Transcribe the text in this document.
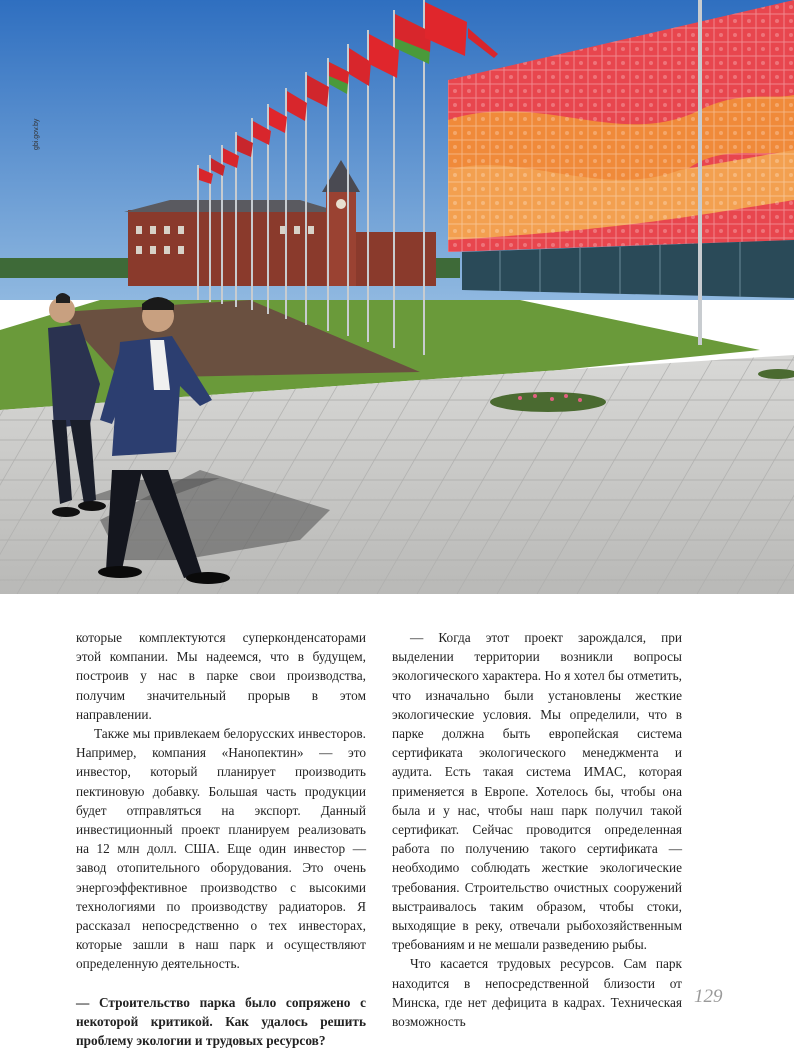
gbi.gov.by

которые комплектуются суперконденсаторами этой компании. Мы надеемся, что в будущем, построив у нас в парке свои производства, получим значительный прорыв в этом направлении.

Также мы привлекаем белорусских инвесторов. Например, компания «Нанопектин» — это инвестор, который планирует производить пектиновую добавку. Большая часть продукции будет отправляться на экспорт. Данный инвестиционный проект планируем реализовать на 12 млн долл. США. Еще один инвестор — завод отопительного оборудования. Это очень энергоэффективное производство с высокими технологиями по производству радиаторов. Я рассказал непосредственно о тех инвесторах, которые зашли в наш парк и осуществляют определенную деятельность.

— Строительство парка было сопряжено с некоторой критикой. Как удалось решить проблему экологии и трудовых ресурсов?

— Когда этот проект зарождался, при выделении территории возникли вопросы экологического характера. Но я хотел бы отметить, что изначально были установлены жесткие экологические условия. Мы определили, что в парке должна быть европейская система сертификата экологического менеджмента и аудита. Есть такая система ИМАС, которая применяется в Европе. Хотелось бы, чтобы она была и у нас, чтобы наш парк получил такой сертификат. Сейчас проводится определенная работа по получению такого сертификата — необходимо соблюдать жесткие экологические требования. Строительство очистных сооружений выстраивалось таким образом, чтобы стоки, выходящие в реку, отвечали рыбохозяйственным требованиям и не мешали разведению рыбы.

Что касается трудовых ресурсов. Сам парк находится в непосредственной близости от Минска, где нет дефицита в кадрах. Техническая возможность

129
